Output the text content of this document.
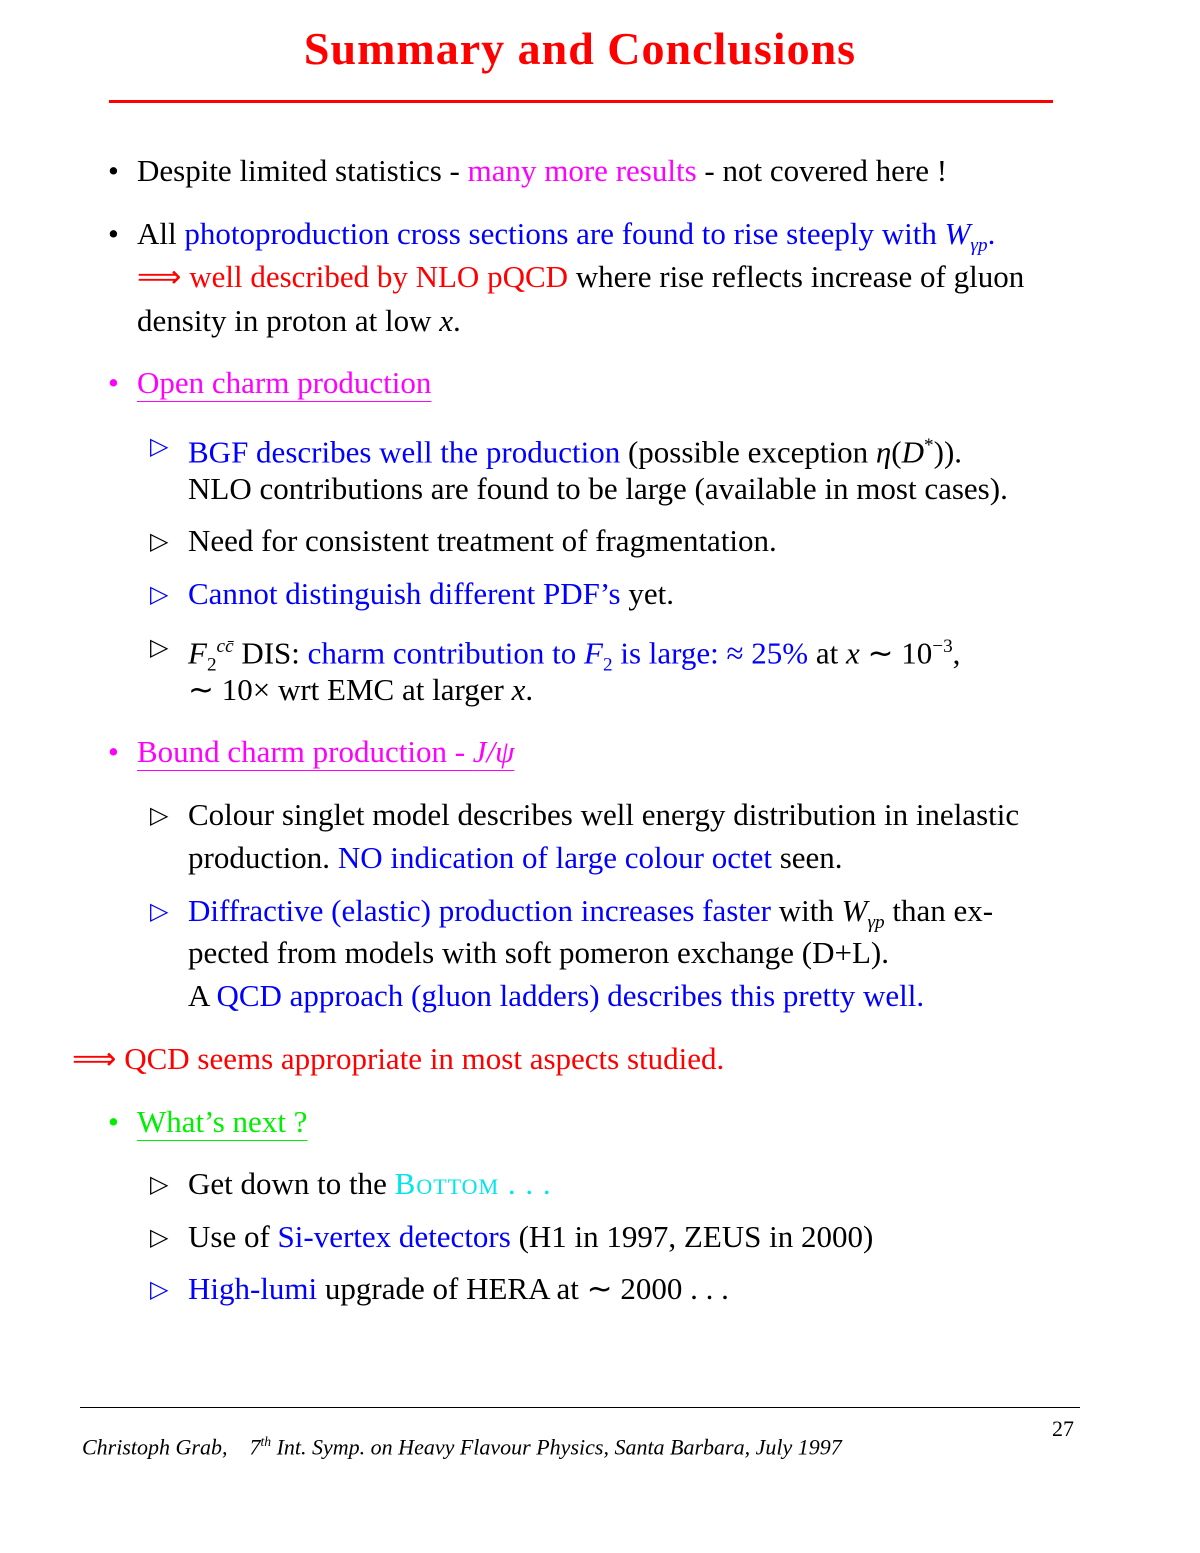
Summary and Conclusions
• Despite limited statistics - many more results - not covered here !
• All photoproduction cross sections are found to rise steeply with $W_{\gamma p}$.
⟹ well described by NLO pQCD where rise reflects increase of gluon
density in proton at low x.
• Open charm production
▷ BGF describes well the production (possible exception η(D*)).
NLO contributions are found to be large (available in most cases).
▷ Need for consistent treatment of fragmentation.
▷ Cannot distinguish different PDF’s yet.
▷ $F_2^{cc̄}$ DIS: charm contribution to $F_2$ is large: ≈ 25% at x ∼ $10^{-3}$,
∼ 10× wrt EMC at larger x.
• Bound charm production - J/ψ
▷ Colour singlet model describes well energy distribution in inelastic
production. NO indication of large colour octet seen.
▷ Diffractive (elastic) production increases faster with $W_{\gamma p}$ than ex-
pected from models with soft pomeron exchange (D+L).
A QCD approach (gluon ladders) describes this pretty well.
⟹ QCD seems appropriate in most aspects studied.
• What’s next ?
▷ Get down to the Bottom . . .
▷ Use of Si-vertex detectors (H1 in 1997, ZEUS in 2000)
▷ High-lumi upgrade of HERA at ∼ 2000 . . .
27
Christoph Grab, 7th Int. Symp. on Heavy Flavour Physics, Santa Barbara, July 1997
